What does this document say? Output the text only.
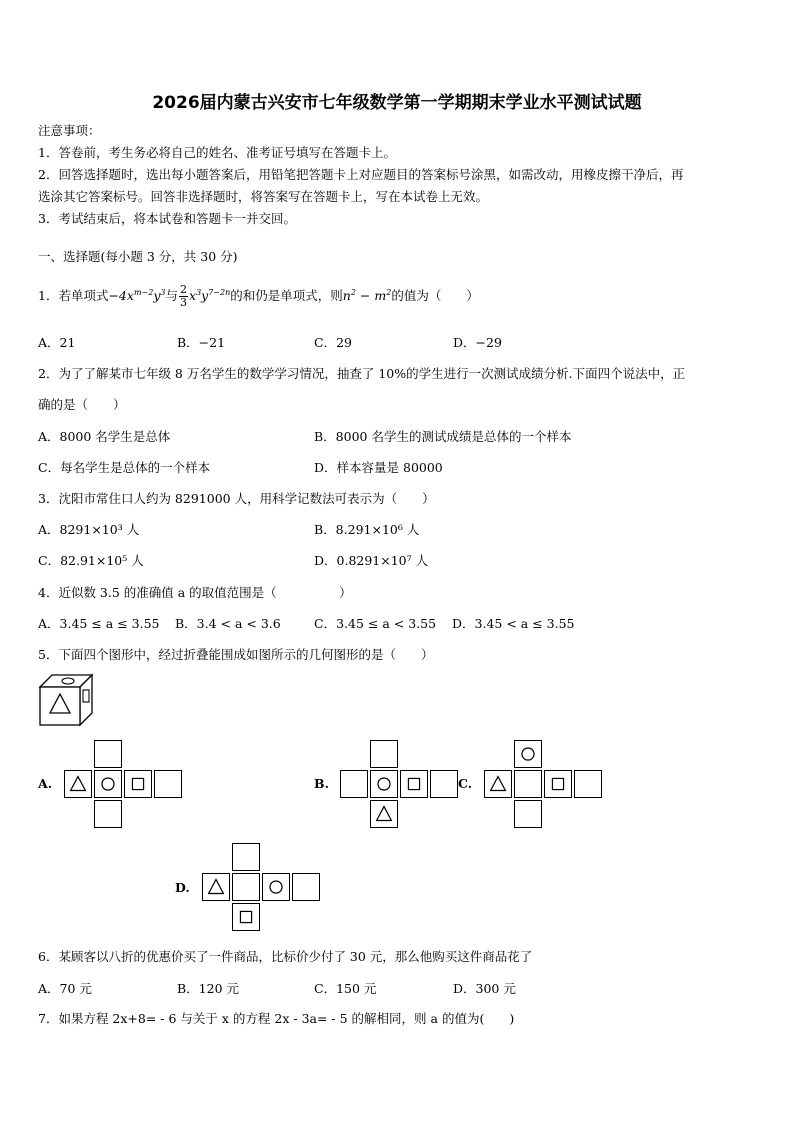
2026届内蒙古兴安市七年级数学第一学期期末学业水平测试试题
注意事项：
1．答卷前，考生务必将自己的姓名、准考证号填写在答题卡上。
2．回答选择题时，选出每小题答案后，用铅笔把答题卡上对应题目的答案标号涂黑，如需改动，用橡皮擦干净后，再
选涂其它答案标号。回答非选择题时，将答案写在答题卡上，写在本试卷上无效。
3．考试结束后，将本试卷和答题卡一并交回。
一、选择题(每小题 3 分，共 30 分)
1．若单项式$-4x^{m-2}y^3$与 $\frac{2}{3} x^3y^{7-2n}$的和仍是单项式，则$n^2 - m^2$的值为（　　）
A．21	B．−21	C．29	D．−29
2．为了了解某市七年级 8 万名学生的数学学习情况，抽查了 10%的学生进行一次测试成绩分析.下面四个说法中，正
确的是（　　）
A．8000 名学生是总体	B．8000 名学生的测试成绩是总体的一个样本
C．每名学生是总体的一个样本	D．样本容量是 80000
3．沈阳市常住口人约为 8291000 人，用科学记数法可表示为（　　）
A．8291×10³ 人	B．8.291×10⁶ 人
C．82.91×10⁵ 人	D．0.8291×10⁷ 人
4．近似数 3.5 的准确值 a 的取值范围是（　　　　　）
A．3.45 ≤ a ≤ 3.55 B．3.4 < a < 3.6	C．3.45 ≤ a < 3.55 D．3.45 < a ≤ 3.55
5．下面四个图形中，经过折叠能围成如图所示的几何图形的是（　　）
A.	B.	C.
D.
6．某顾客以八折的优惠价买了一件商品，比标价少付了 30 元，那么他购买这件商品花了
A．70 元	B．120 元	C．150 元	D．300 元
7．如果方程 2x+8= - 6 与关于 x 的方程 2x - 3a= - 5 的解相同，则 a 的值为(　　)
